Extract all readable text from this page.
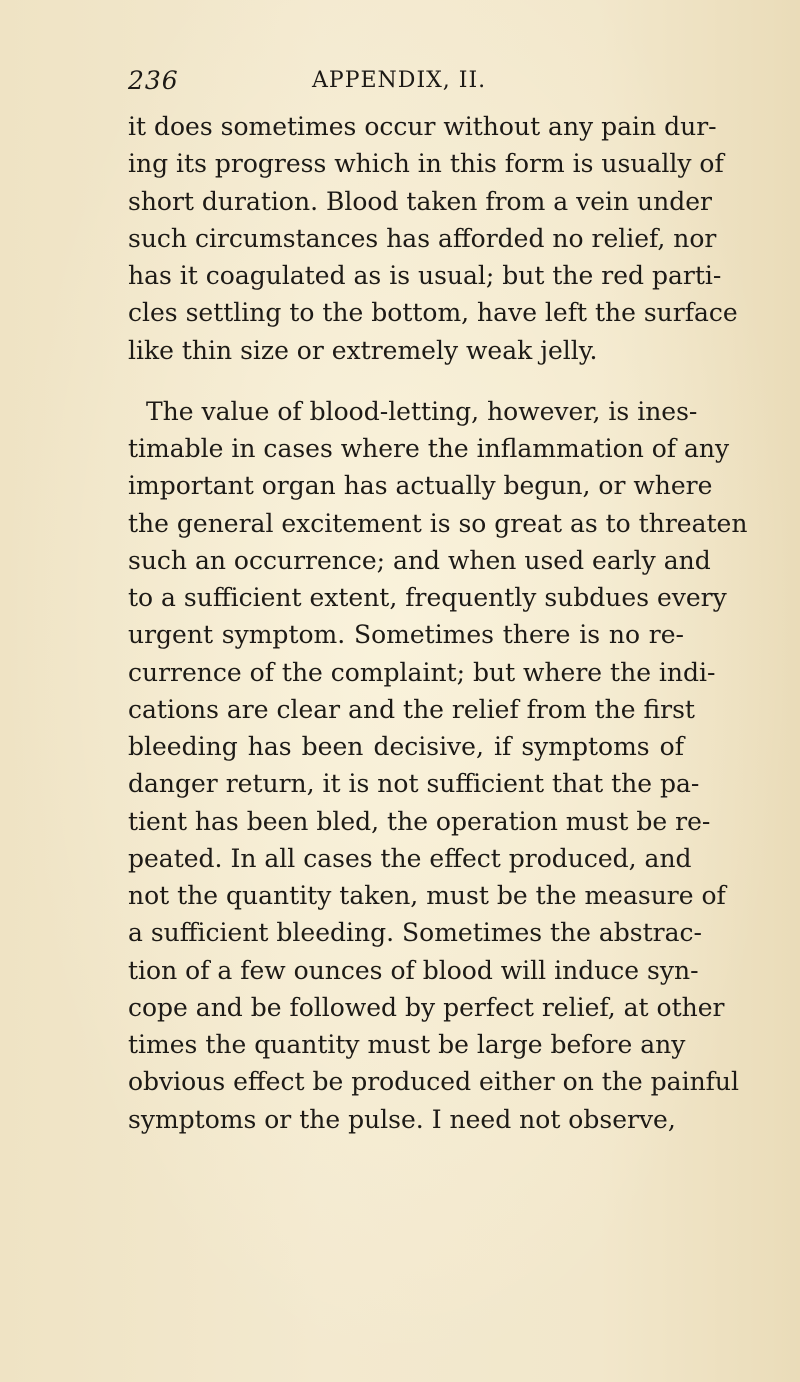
236	APPENDIX, II.
it does sometimes occur without any pain dur-
ing its progress which in this form is usually of
short duration. Blood taken from a vein under
such circumstances has afforded no relief, nor
has it coagulated as is usual; but the red parti-
cles settling to the bottom, have left the surface
like thin size or extremely weak jelly.
The value of blood-letting, however, is ines-
timable in cases where the inflammation of any
important organ has actually begun, or where
the general excitement is so great as to threaten
such an occurrence; and when used early and
to a sufficient extent, frequently subdues every
urgent symptom. Sometimes there is no re-
currence of the complaint; but where the indi-
cations are clear and the relief from the first
bleeding has been decisive, if symptoms of
danger return, it is not sufficient that the pa-
tient has been bled, the operation must be re-
peated. In all cases the effect produced, and
not the quantity taken, must be the measure of
a sufficient bleeding. Sometimes the abstrac-
tion of a few ounces of blood will induce syn-
cope and be followed by perfect relief, at other
times the quantity must be large before any
obvious effect be produced either on the painful
symptoms or the pulse. I need not observe,
